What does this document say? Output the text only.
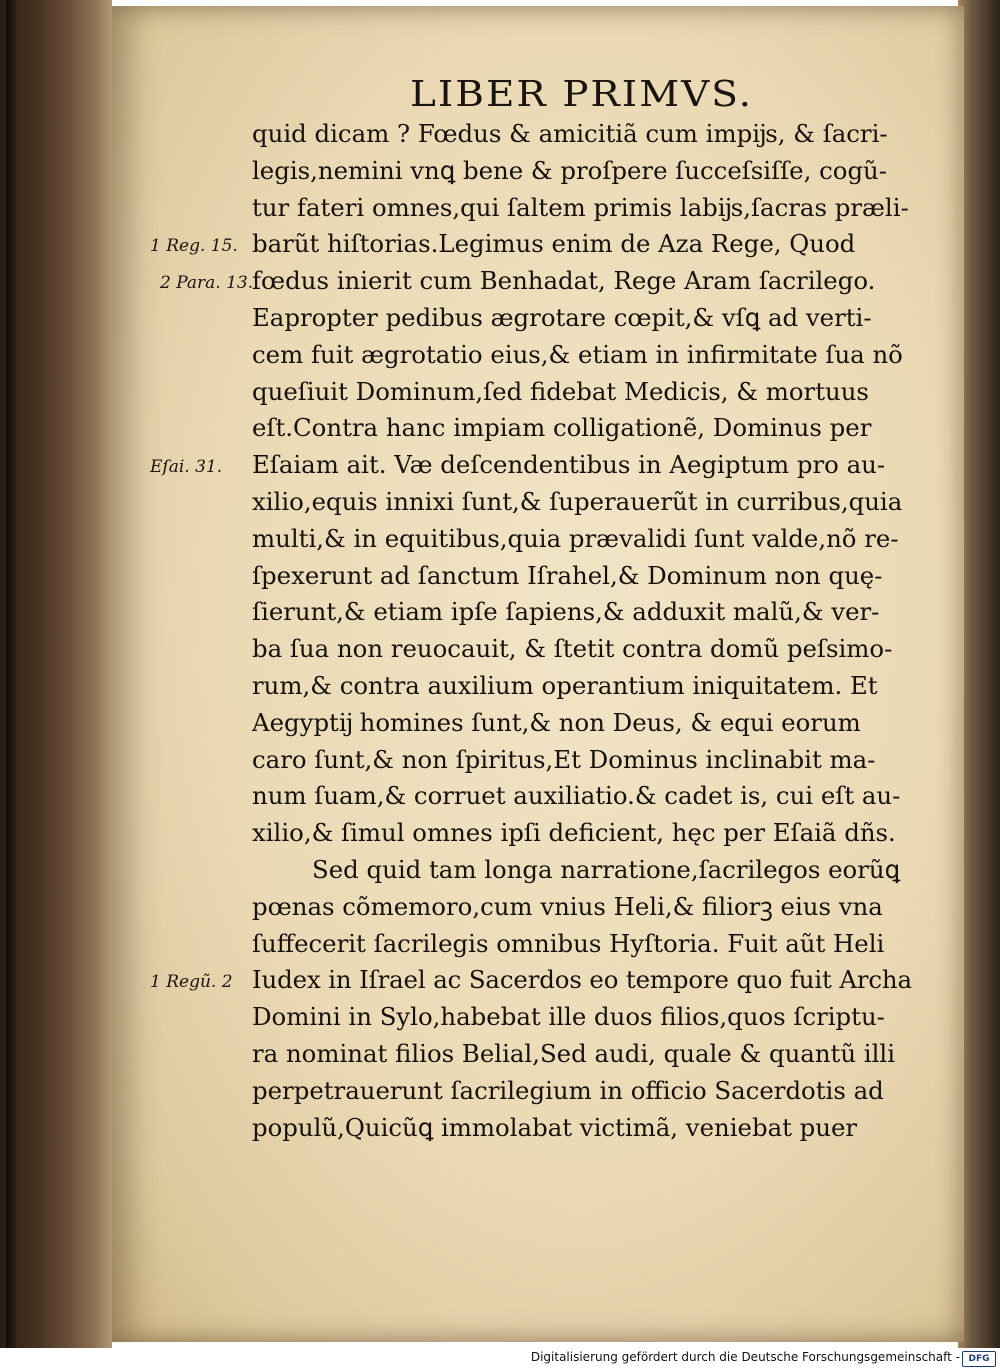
LIBER PRIMVS.
quid dicam ? Fœdus & amicitiã cum impĳs, & ſacri-
legis,nemini vnꝗ bene & proſpere ſucceſsiſſe, cogũ-
tur fateri omnes,qui ſaltem primis labĳs,ſacras præli-
barũt hiſtorias.Legimus enim de Aza Rege, Quod
fœdus inierit cum Benhadat, Rege Aram ſacrilego.
Eapropter pedibus ægrotare cœpit,& vſꝗ ad verti-
cem fuit ægrotatio eius,& etiam in infirmitate ſua nõ
queſiuit Dominum,ſed fidebat Medicis, & mortuus
eſt.Contra hanc impiam colligationẽ, Dominus per
Eſaiam ait. Væ deſcendentibus in Aegiptum pro au-
xilio,equis innixi ſunt,& ſuperauerũt in curribus,quia
multi,& in equitibus,quia prævalidi ſunt valde,nõ re-
ſpexerunt ad ſanctum Iſrahel,& Dominum non quę-
ſierunt,& etiam ipſe ſapiens,& adduxit malũ,& ver-
ba ſua non reuocauit, & ſtetit contra domũ peſsimo-
rum,& contra auxilium operantium iniquitatem. Et
Aegyptĳ homines ſunt,& non Deus, & equi eorum
caro ſunt,& non ſpiritus,Et Dominus inclinabit ma-
num ſuam,& corruet auxiliatio.& cadet is, cui eſt au-
xilio,& ſimul omnes ipſi deficient, hęc per Eſaiã dñs.
Sed quid tam longa narratione,ſacrilegos eorũꝗ
pœnas cõmemoro,cum vnius Heli,& filiorꝫ eius vna
ſuffecerit ſacrilegis omnibus Hyſtoria. Fuit aũt Heli
Iudex in Iſrael ac Sacerdos eo tempore quo fuit Archa
Domini in Sylo,habebat ille duos filios,quos ſcriptu-
ra nominat filios Belial,Sed audi, quale & quantũ illi
perpetrauerunt ſacrilegium in officio Sacerdotis ad
populũ,Quicũꝗ immolabat victimã, veniebat puer
1 Reg. 15.
2 Para. 13.
Eſai. 31.
1 Regũ. 2
Digitalisierung gefördert durch die Deutsche Forschungsgemeinschaft - DFG
